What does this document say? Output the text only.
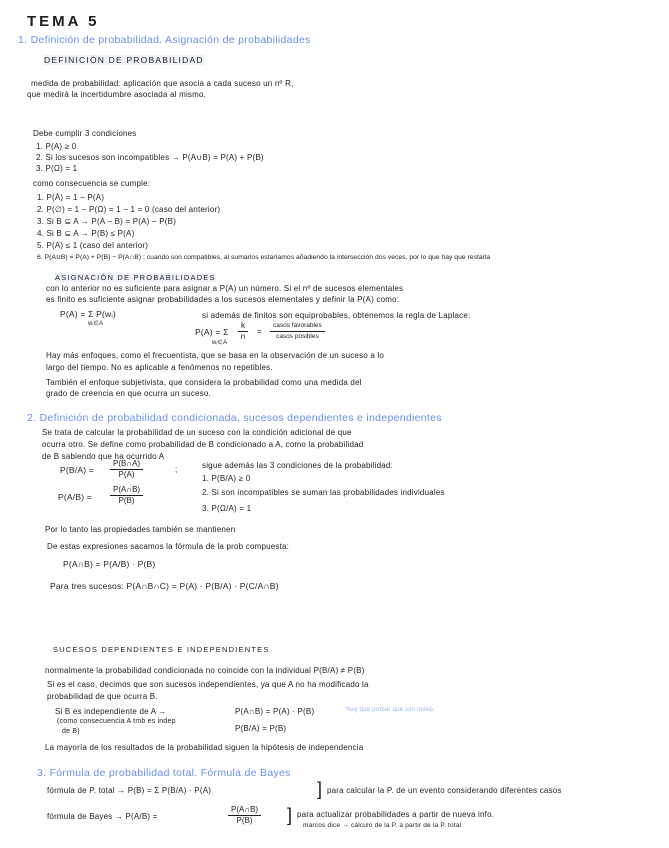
TEMA 5
1. Definición de probabilidad. Asignación de probabilidades
DEFINICIÓN DE PROBABILIDAD
medida de probabilidad: aplicación que asocia a cada suceso un nº R,
que medirá la incertidumbre asociada al mismo.
Debe cumplir 3 condiciones
1. P(A) ≥ 0
2. Si los sucesos son incompatibles → P(A∪B) = P(A) + P(B)
3. P(Ω) = 1
como consecuencia se cumple:
1. P(Ā) = 1 − P(A)
2. P(∅) = 1 − P(Ω) = 1 − 1 = 0 (caso del anterior)
3. Si B ⊆ A → P(A − B) = P(A) − P(B)
4. Si B ⊆ A → P(B) ≤ P(A)
5. P(A) ≤ 1 (caso del anterior)
6. P(A∪B) = P(A) + P(B) − P(A∩B) ; cuando son compatibles, al sumarlos estaríamos añadiendo la intersección dos veces, por lo que hay que restarla
ASIGNACIÓN DE PROBABILIDADES
con lo anterior no es suficiente para asignar a P(A) un número. Si el nº de sucesos elementales
es finito es suficiente asignar probabilidades a los sucesos elementales y definir la P(A) como:
P(A) = Σ P(wᵢ)
wᵢ∈A
si además de finitos son equiprobables, obtenemos la regla de Laplace:
P(A) = Σ
wᵢ∈A
$\frac{k}{n}$ =
casos favorables
casos posibles
Hay más enfoques, como el frecuentista, que se basa en la observación de un suceso a lo
largo del tiempo. No es aplicable a fenómenos no repetibles.
También el enfoque subjetivista, que considera la probabilidad como una medida del
grado de creencia en que ocurra un suceso.
2. Definición de probabilidad condicionada, sucesos dependientes e independientes
Se trata de calcular la probabilidad de un suceso con la condición adicional de que
ocurra otro. Se define como probabilidad de B condicionado a A, como la probabilidad
de B sabiendo que ha ocurrido A
$P(B/A) = \frac{P(B\cap A)}{P(A)}$	;
$P(A/B) = \frac{P(A\cap B)}{P(B)}$
sigue además las 3 condiciones de la probabilidad:
1. P(B/A) ≥ 0
2. Si son incompatibles se suman las probabilidades individuales
3. P(Ω/A) = 1
Por lo tanto las propiedades también se mantienen
De estas expresiones sacamos la fórmula de la prob compuesta:
P(A∩B) = P(A/B) · P(B)
Para tres sucesos: P(A∩B∩C) = P(A) · P(B/A) · P(C/A∩B)
SUCESOS DEPENDIENTES E INDEPENDIENTES
normalmente la probabilidad condicionada no coincide con la individual P(B/A) ≠ P(B)
Si es el caso, decimos que son sucesos independientes, ya que A no ha modificado la
probabilidad de que ocurra B.
Si B es independiente de A →
(como consecuencia A tmb es indep
de B)
P(A∩B) = P(A) · P(B)
P(B/A) = P(B)
*hay que probar que son indep.
La mayoría de los resultados de la probabilidad siguen la hipótesis de independencia
3. Fórmula de probabilidad total. Fórmula de Bayes
fórmula de P. total → P(B) = Σ P(B/A) · P(A)	] para calcular la P. de un evento considerando diferentes casos
fórmula de Bayes → P(A/B) =	$\frac{P(A\cap B)}{P(B)}$ ] para actualizar probabilidades a partir de nueva info.
marcos dice → cálculo de la P. a partir de la P. total
